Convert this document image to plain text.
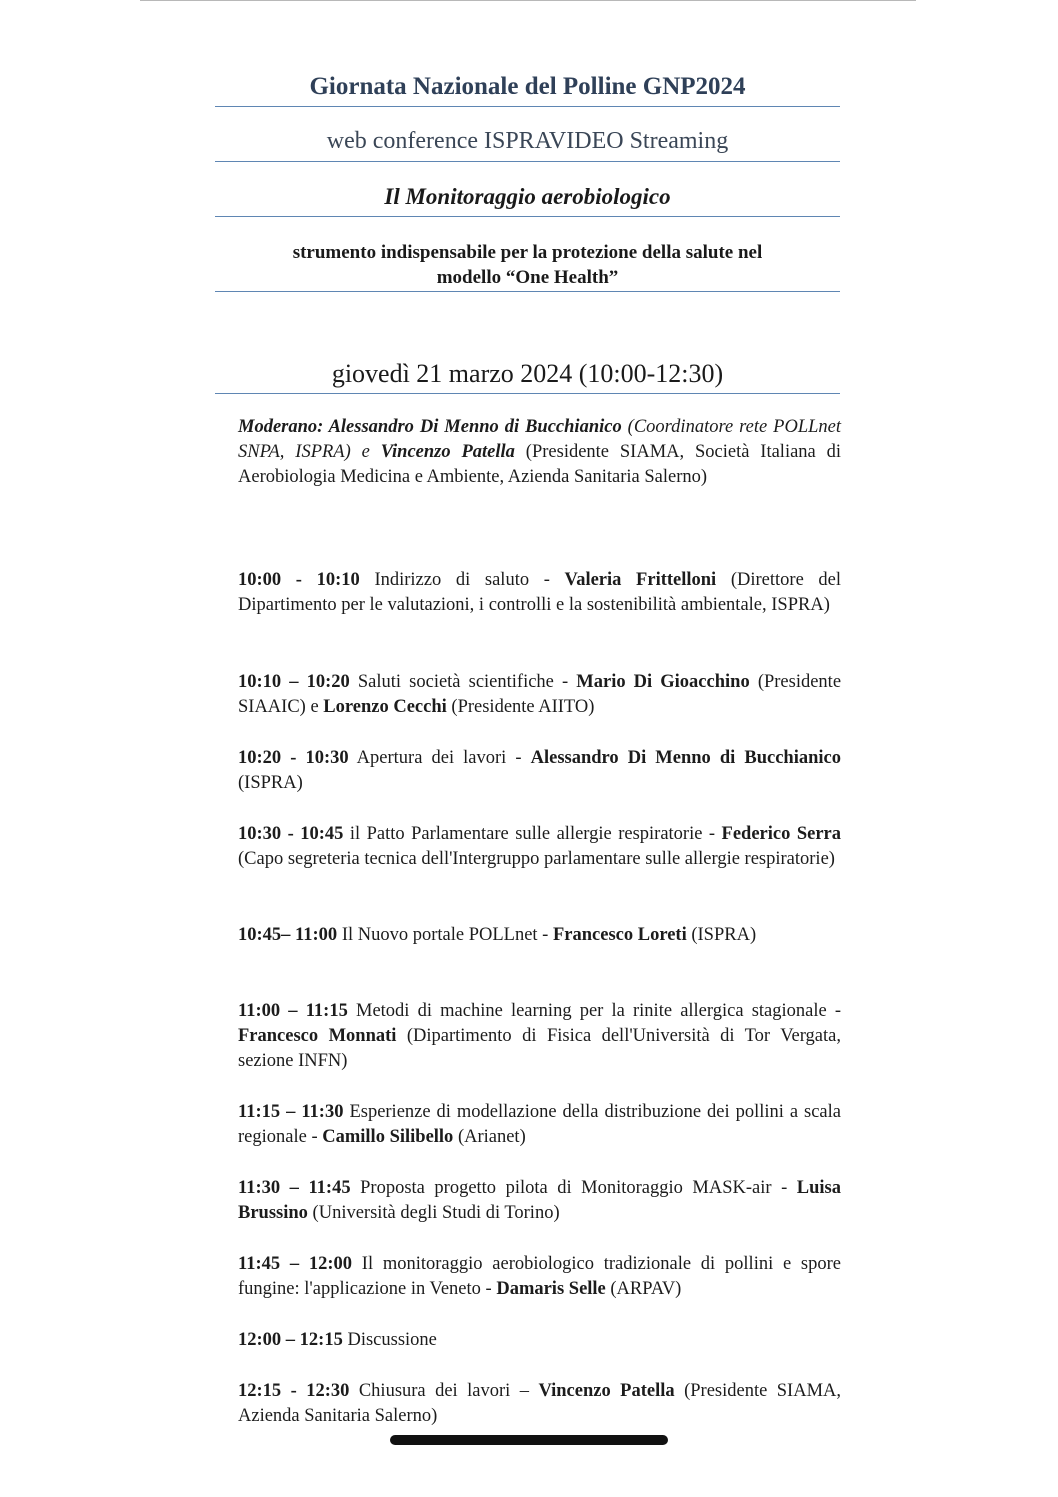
Giornata Nazionale del Polline GNP2024
web conference ISPRAVIDEO Streaming
Il Monitoraggio aerobiologico
strumento indispensabile per la protezione della salute nel
modello “One Health”
giovedì 21 marzo 2024 (10:00-12:30)

Moderano: Alessandro Di Menno di Bucchianico (Coordinatore rete POLLnet SNPA, ISPRA) e Vincenzo Patella (Presidente SIAMA, Società Italiana di Aerobiologia Medicina e Ambiente, Azienda Sanitaria Salerno)

10:00 - 10:10 Indirizzo di saluto - Valeria Frittelloni (Direttore del Dipartimento per le valutazioni, i controlli e la sostenibilità ambientale, ISPRA)

10:10 – 10:20 Saluti società scientifiche - Mario Di Gioacchino (Presidente SIAAIC) e Lorenzo Cecchi (Presidente AIITO)

10:20 - 10:30 Apertura dei lavori - Alessandro Di Menno di Bucchianico (ISPRA)

10:30 - 10:45 il Patto Parlamentare sulle allergie respiratorie - Federico Serra (Capo segreteria tecnica dell'Intergruppo parlamentare sulle allergie respiratorie)

10:45– 11:00 Il Nuovo portale POLLnet - Francesco Loreti (ISPRA)

11:00 – 11:15 Metodi di machine learning per la rinite allergica stagionale - Francesco Monnati (Dipartimento di Fisica dell'Università di Tor Vergata, sezione INFN)

11:15 – 11:30 Esperienze di modellazione della distribuzione dei pollini a scala regionale - Camillo Silibello (Arianet)

11:30 – 11:45 Proposta progetto pilota di Monitoraggio MASK-air - Luisa Brussino (Università degli Studi di Torino)

11:45 – 12:00 Il monitoraggio aerobiologico tradizionale di pollini e spore fungine: l'applicazione in Veneto - Damaris Selle (ARPAV)

12:00 – 12:15 Discussione

12:15 - 12:30 Chiusura dei lavori – Vincenzo Patella (Presidente SIAMA, Azienda Sanitaria Salerno)
